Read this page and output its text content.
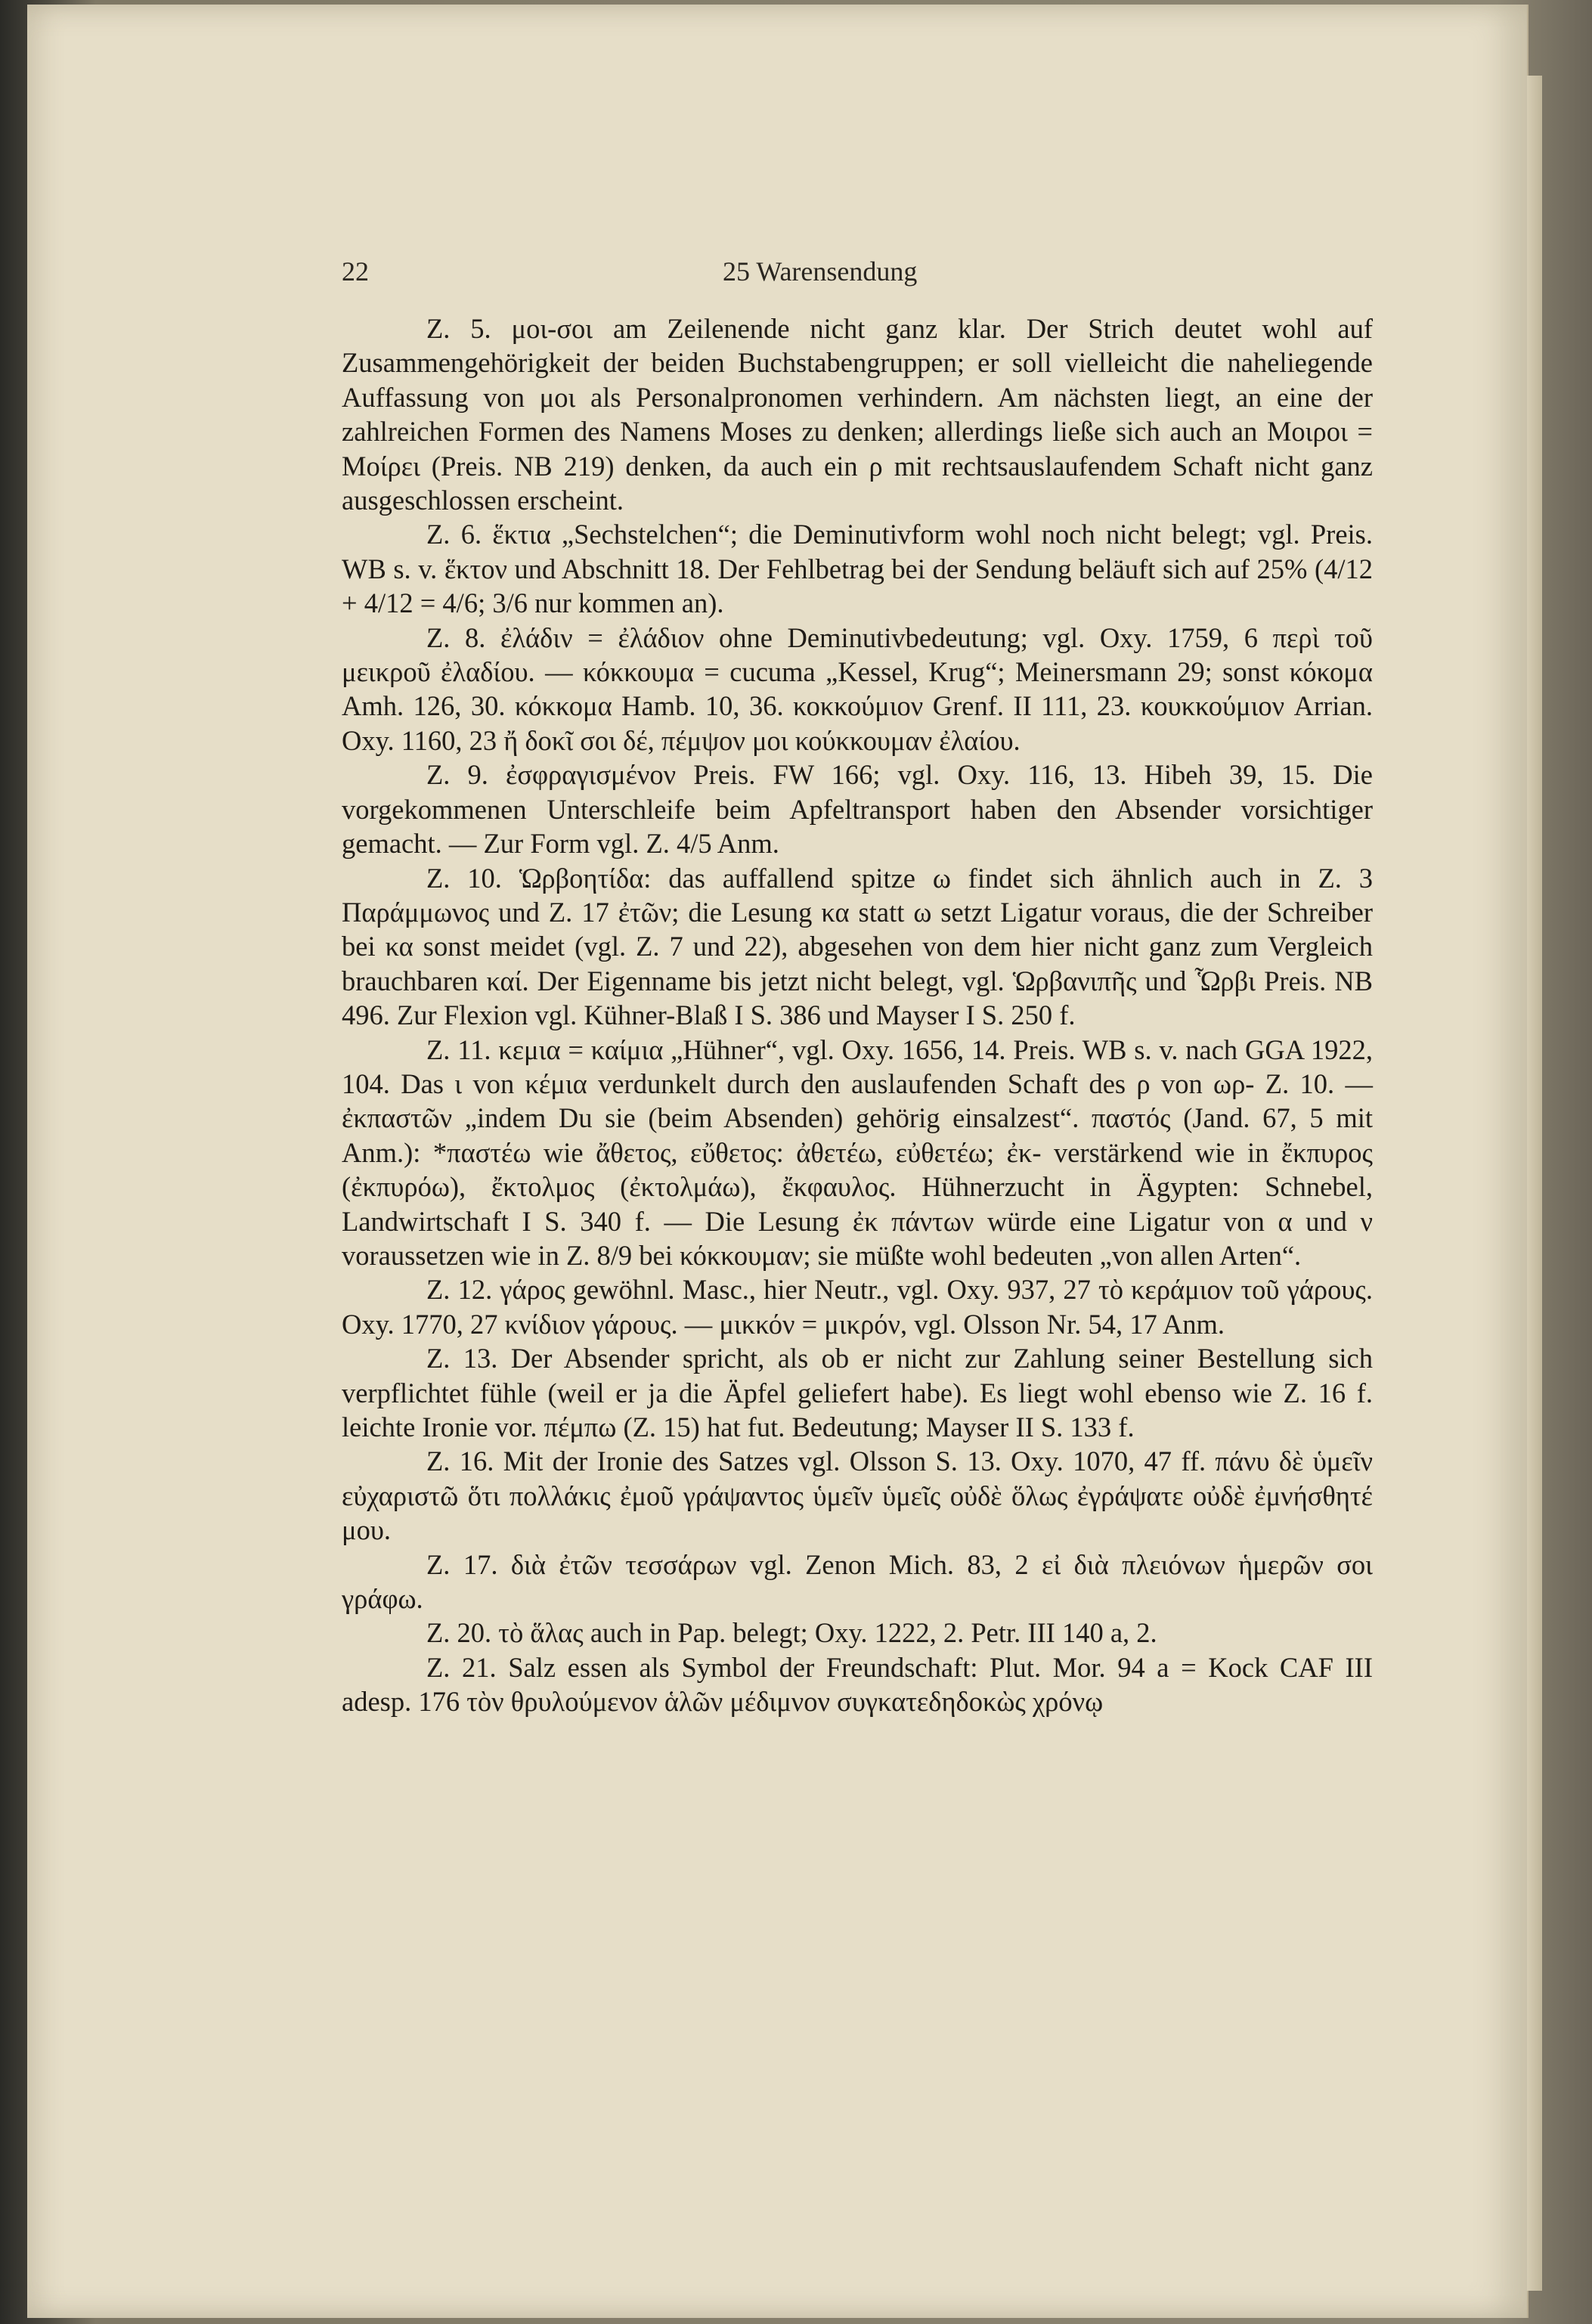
22	25 Warensendung

Z. 5. μοι-σοι am Zeilenende nicht ganz klar. Der Strich deutet wohl auf Zusammengehörigkeit der beiden Buchstabengruppen; er soll vielleicht die naheliegende Auffassung von μοι als Personalpronomen verhindern. Am nächsten liegt, an eine der zahlreichen Formen des Namens Moses zu denken; allerdings ließe sich auch an Μοιροι = Μοίρει (Preis. NB 219) denken, da auch ein ρ mit rechtsauslaufendem Schaft nicht ganz ausgeschlossen erscheint.

Z. 6. ἕκτια „Sechstelchen“; die Deminutivform wohl noch nicht belegt; vgl. Preis. WB s. v. ἕκτον und Abschnitt 18. Der Fehlbetrag bei der Sendung beläuft sich auf 25% (4/12 + 4/12 = 4/6; 3/6 nur kommen an).

Z. 8. ἐλάδιν = ἐλάδιον ohne Deminutivbedeutung; vgl. Oxy. 1759, 6 περὶ τοῦ μεικροῦ ἐλαδίου. — κόκκουμα = cucuma „Kessel, Krug“; Meinersmann 29; sonst κόκομα Amh. 126, 30. κόκκομα Hamb. 10, 36. κοκκούμιον Grenf. II 111, 23. κουκκούμιον Arrian. Oxy. 1160, 23 ἤ δοκῖ σοι δέ, πέμψον μοι κούκκουμαν ἐλαίου.

Z. 9. ἐσφραγισμένον Preis. FW 166; vgl. Oxy. 116, 13. Hibeh 39, 15. Die vorgekommenen Unterschleife beim Apfeltransport haben den Absender vorsichtiger gemacht. — Zur Form vgl. Z. 4/5 Anm.

Z. 10. Ὡρβοητίδα: das auffallend spitze ω findet sich ähnlich auch in Z. 3 Παράμμωνος und Z. 17 ἐτῶν; die Lesung κα statt ω setzt Ligatur voraus, die der Schreiber bei κα sonst meidet (vgl. Z. 7 und 22), abgesehen von dem hier nicht ganz zum Vergleich brauchbaren καί. Der Eigenname bis jetzt nicht belegt, vgl. Ὡρβανιπῆς und Ὧρβι Preis. NB 496. Zur Flexion vgl. Kühner-Blaß I S. 386 und Mayser I S. 250 f.

Z. 11. κεμια = καίμια „Hühner“, vgl. Oxy. 1656, 14. Preis. WB s. v. nach GGA 1922, 104. Das ι von κέμια verdunkelt durch den auslaufenden Schaft des ρ von ωρ- Z. 10. — ἐκπαστῶν „indem Du sie (beim Absenden) gehörig einsalzest“. παστός (Jand. 67, 5 mit Anm.): *παστέω wie ἄθετος, εὔθετος: ἀθετέω, εὐθετέω; ἐκ- verstärkend wie in ἔκπυρος (ἐκπυρόω), ἔκτολμος (ἐκτολμάω), ἔκφαυλος. Hühnerzucht in Ägypten: Schnebel, Landwirtschaft I S. 340 f. — Die Lesung ἐκ πάντων würde eine Ligatur von α und ν voraussetzen wie in Z. 8/9 bei κόκκουμαν; sie müßte wohl bedeuten „von allen Arten“.

Z. 12. γάρος gewöhnl. Masc., hier Neutr., vgl. Oxy. 937, 27 τὸ κεράμιον τοῦ γάρους. Oxy. 1770, 27 κνίδιον γάρους. — μικκόν = μικρόν, vgl. Olsson Nr. 54, 17 Anm.

Z. 13. Der Absender spricht, als ob er nicht zur Zahlung seiner Bestellung sich verpflichtet fühle (weil er ja die Äpfel geliefert habe). Es liegt wohl ebenso wie Z. 16 f. leichte Ironie vor. πέμπω (Z. 15) hat fut. Bedeutung; Mayser II S. 133 f.

Z. 16. Mit der Ironie des Satzes vgl. Olsson S. 13. Oxy. 1070, 47 ff. πάνυ δὲ ὑμεῖν εὐχαριστῶ ὅτι πολλάκις ἐμοῦ γράψαντος ὑμεῖν ὑμεῖς οὐδὲ ὅλως ἐγράψατε οὐδὲ ἐμνήσθητέ μου.

Z. 17. διὰ ἐτῶν τεσσάρων vgl. Zenon Mich. 83, 2 εἰ διὰ πλειόνων ἡμερῶν σοι γράφω.

Z. 20. τὸ ἅλας auch in Pap. belegt; Oxy. 1222, 2. Petr. III 140 a, 2.

Z. 21. Salz essen als Symbol der Freundschaft: Plut. Mor. 94 a = Kock CAF III adesp. 176 τὸν θρυλούμενον ἁλῶν μέδιμνον συγκατεδηδοκὼς χρόνῳ
